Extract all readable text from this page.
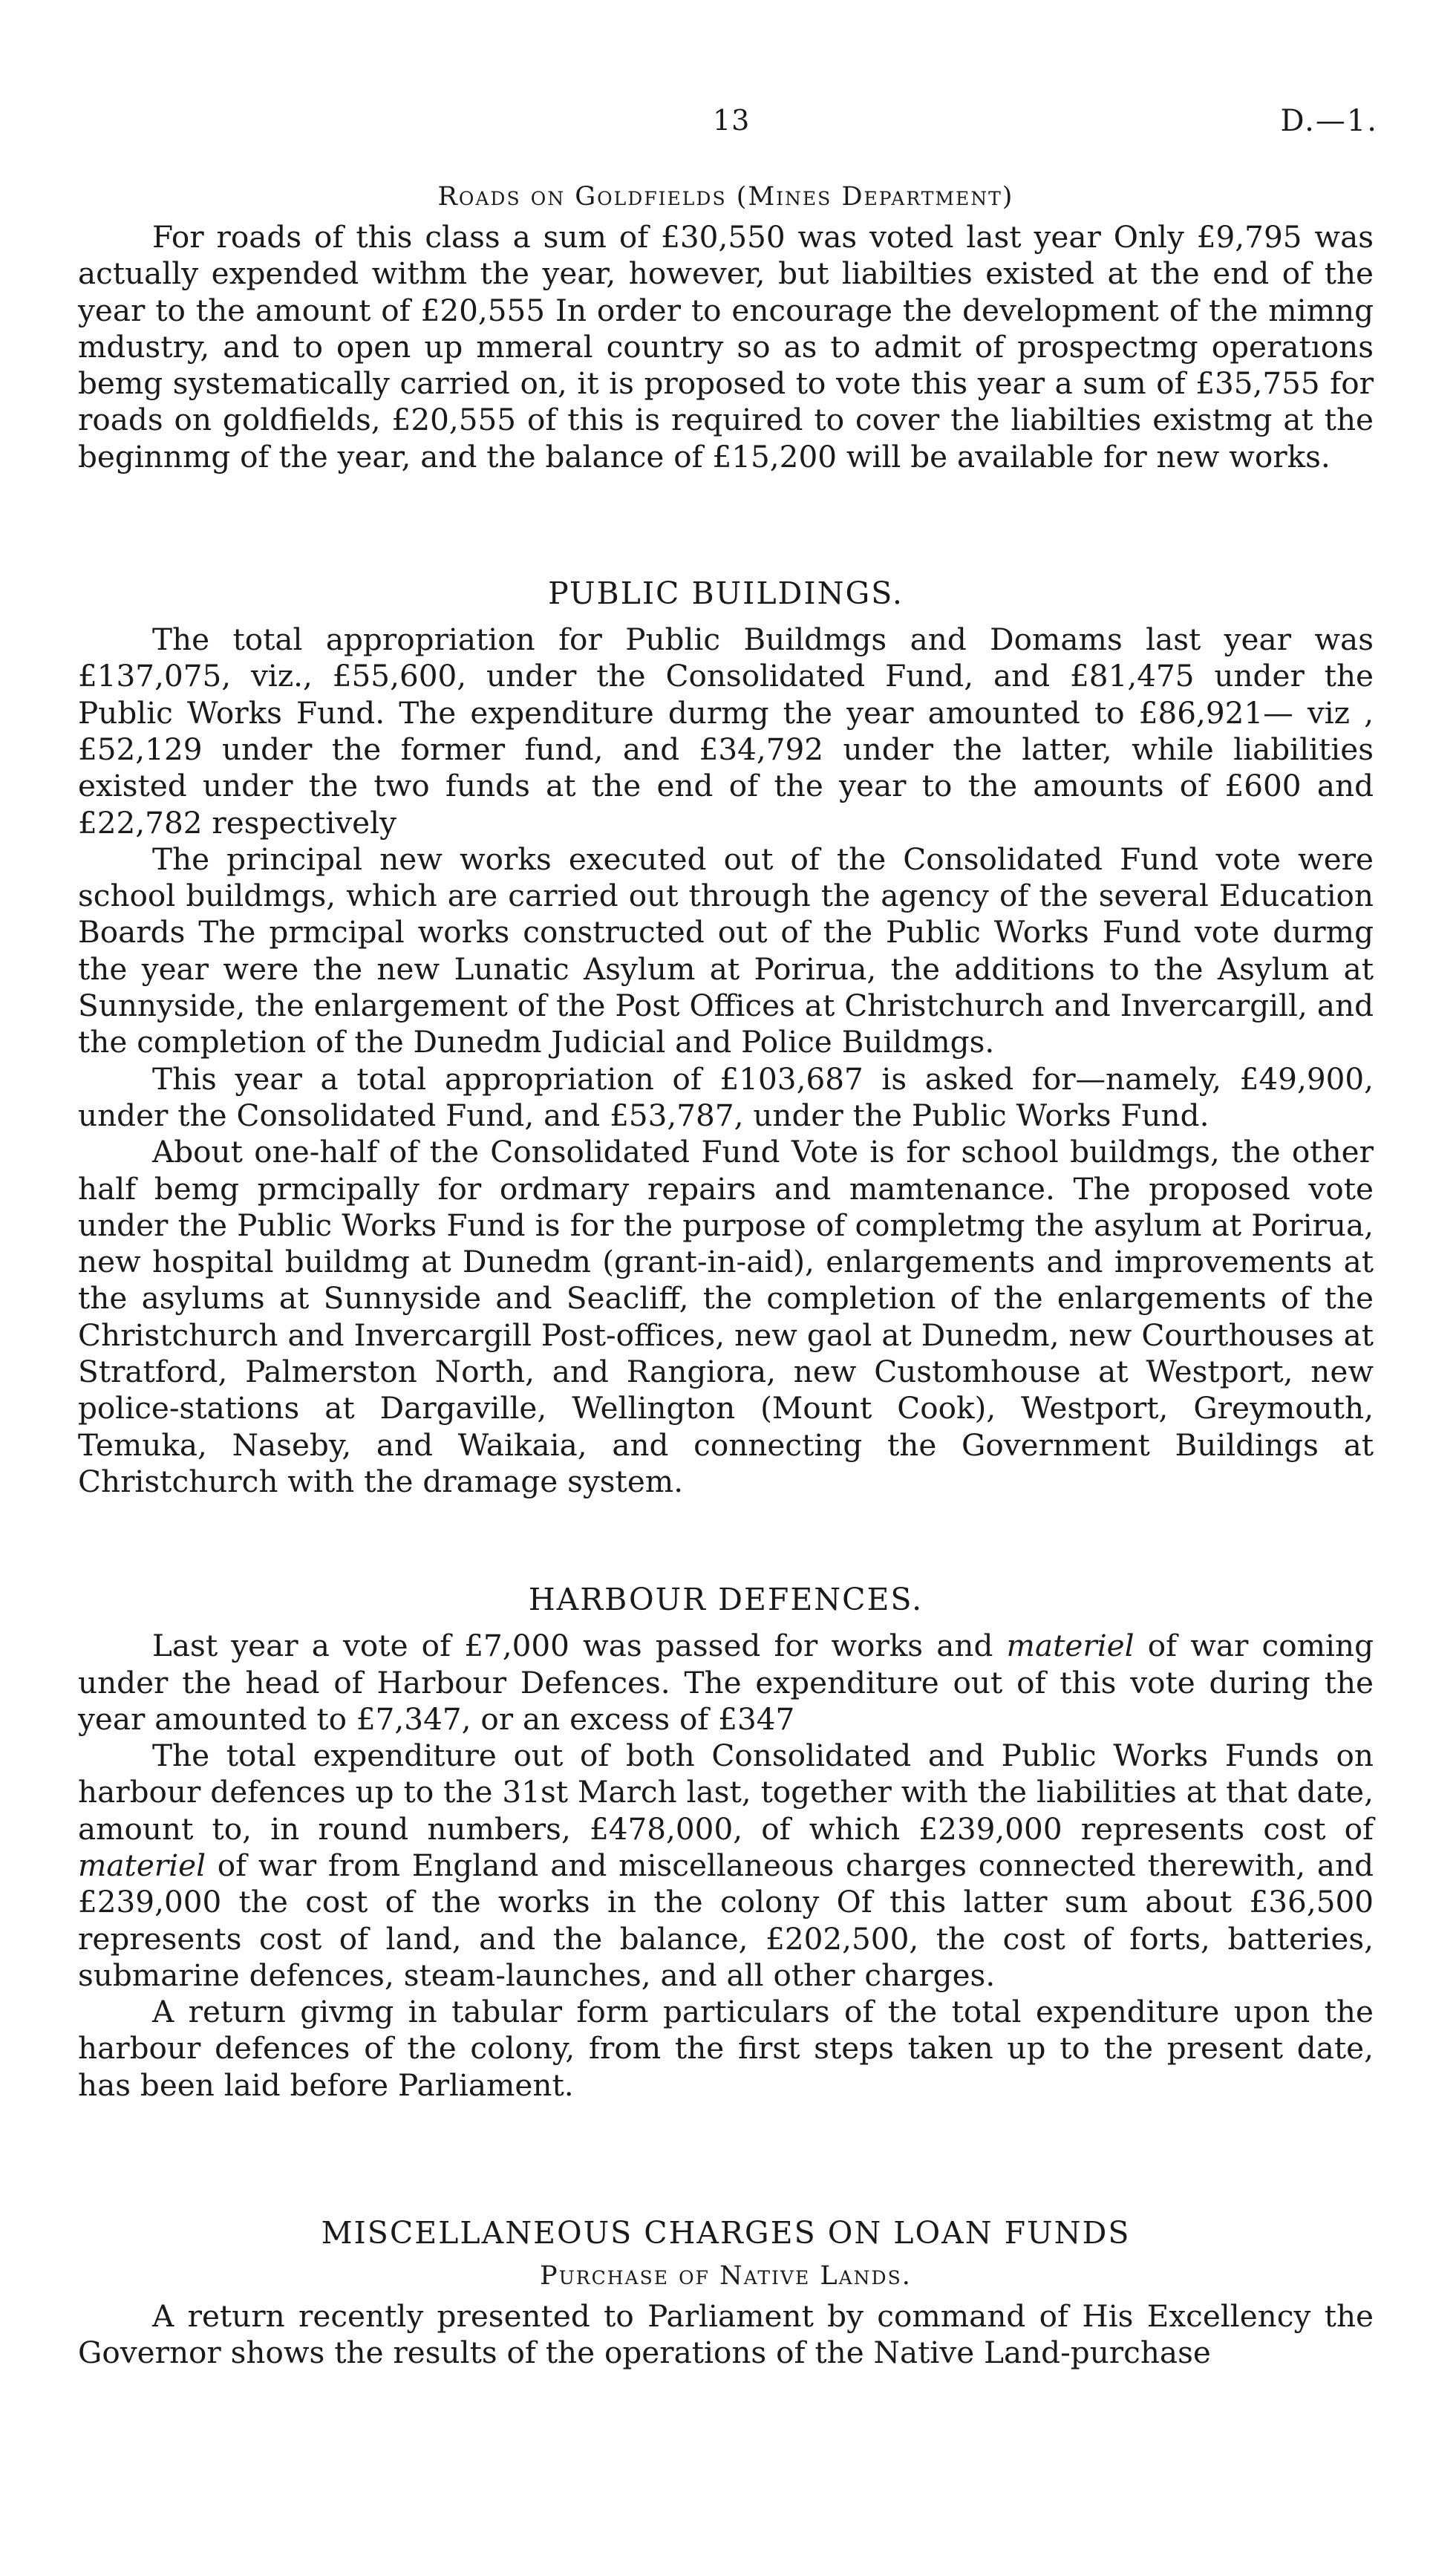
13	D.—1.
Roads on Goldfields (Mines Department)

For roads of this class a sum of £30,550 was voted last year Only £9,795 was actually expended withm the year, however, but liabilties existed at the end of the year to the amount of £20,555 In order to encourage the development of the mimng mdustry, and to open up mmeral country so as to admit of prospectmg operatıons bemg systematically carried on, it is proposed to vote this year a sum of £35,755 for roads on goldfields, £20,555 of this is required to cover the liabilties existmg at the beginnmg of the year, and the balance of £15,200 will be available for new works.

PUBLIC BUILDINGS.

The total appropriation for Public Buildmgs and Domams last year was £137,075, viz., £55,600, under the Consolidated Fund, and £81,475 under the Public Works Fund. The expenditure durmg the year amounted to £86,921— viz , £52,129 under the former fund, and £34,792 under the latter, while liabilities existed under the two funds at the end of the year to the amounts of £600 and £22,782 respectively

The principal new works executed out of the Consolidated Fund vote were school buildmgs, which are carried out through the agency of the several Education Boards The prmcipal works constructed out of the Public Works Fund vote durmg the year were the new Lunatic Asylum at Porirua, the additions to the Asylum at Sunnyside, the enlargement of the Post Offices at Christchurch and Invercargill, and the completion of the Dunedm Judicial and Police Buildmgs.

This year a total appropriation of £103,687 is asked for—namely, £49,900, under the Consolidated Fund, and £53,787, under the Public Works Fund.

About one-half of the Consolidated Fund Vote is for school buildmgs, the other half bemg prmcipally for ordmary repairs and mamtenance. The proposed vote under the Public Works Fund is for the purpose of completmg the asylum at Porirua, new hospital buildmg at Dunedm (grant-in-aid), enlargements and improvements at the asylums at Sunnyside and Seacliff, the completion of the enlargements of the Christchurch and Invercargill Post-offices, new gaol at Dunedm, new Courthouses at Stratford, Palmerston North, and Rangiora, new Customhouse at Westport, new police-stations at Dargaville, Wellington (Mount Cook), Westport, Greymouth, Temuka, Naseby, and Waikaia, and connecting the Government Buildings at Christchurch with the dramage system.

HARBOUR DEFENCES.

Last year a vote of £7,000 was passed for works and materiel of war coming under the head of Harbour Defences. The expenditure out of this vote during the year amounted to £7,347, or an excess of £347

The total expenditure out of both Consolidated and Public Works Funds on harbour defences up to the 31st March last, together with the liabilities at that date, amount to, in round numbers, £478,000, of which £239,000 represents cost of materiel of war from England and miscellaneous charges connected therewith, and £239,000 the cost of the works in the colony Of this latter sum about £36,500 represents cost of land, and the balance, £202,500, the cost of forts, batteries, submarine defences, steam-launches, and all other charges.

A return givmg in tabular form particulars of the total expenditure upon the harbour defences of the colony, from the first steps taken up to the present date, has been laid before Parliament.

MISCELLANEOUS CHARGES ON LOAN FUNDS
Purchase of Native Lands.

A return recently presented to Parliament by command of His Excellency the Governor shows the results of the operations of the Native Land-purchase
